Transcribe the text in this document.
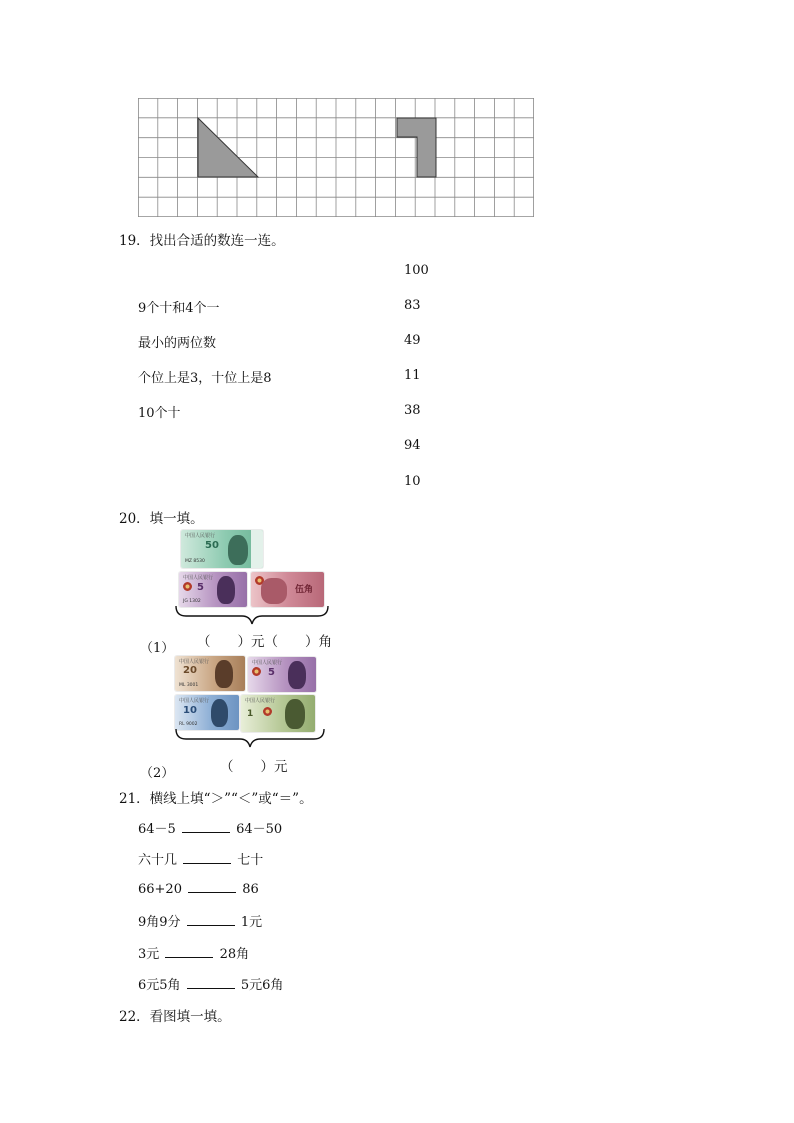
19．找出合适的数连一连。
9个十和4个一
最小的两位数
个位上是3，十位上是8
10个十
100
83
49
11
38
94
10
20．填一填。
中国人民银行
50
MZ 8530
中国人民银行
5
JG 1302
伍角
（　　）元（　　）角
（1）
中国人民银行
20
ML 3001
中国人民银行
5
中国人民银行
10
RL 9002
中国人民银行
1
（　　）元
（2）
21．横线上填“＞”“＜”或“＝”。
64－5	64－50
六十几	七十
66+20	86
9角9分	1元
3元	28角
6元5角	5元6角
22．看图填一填。
